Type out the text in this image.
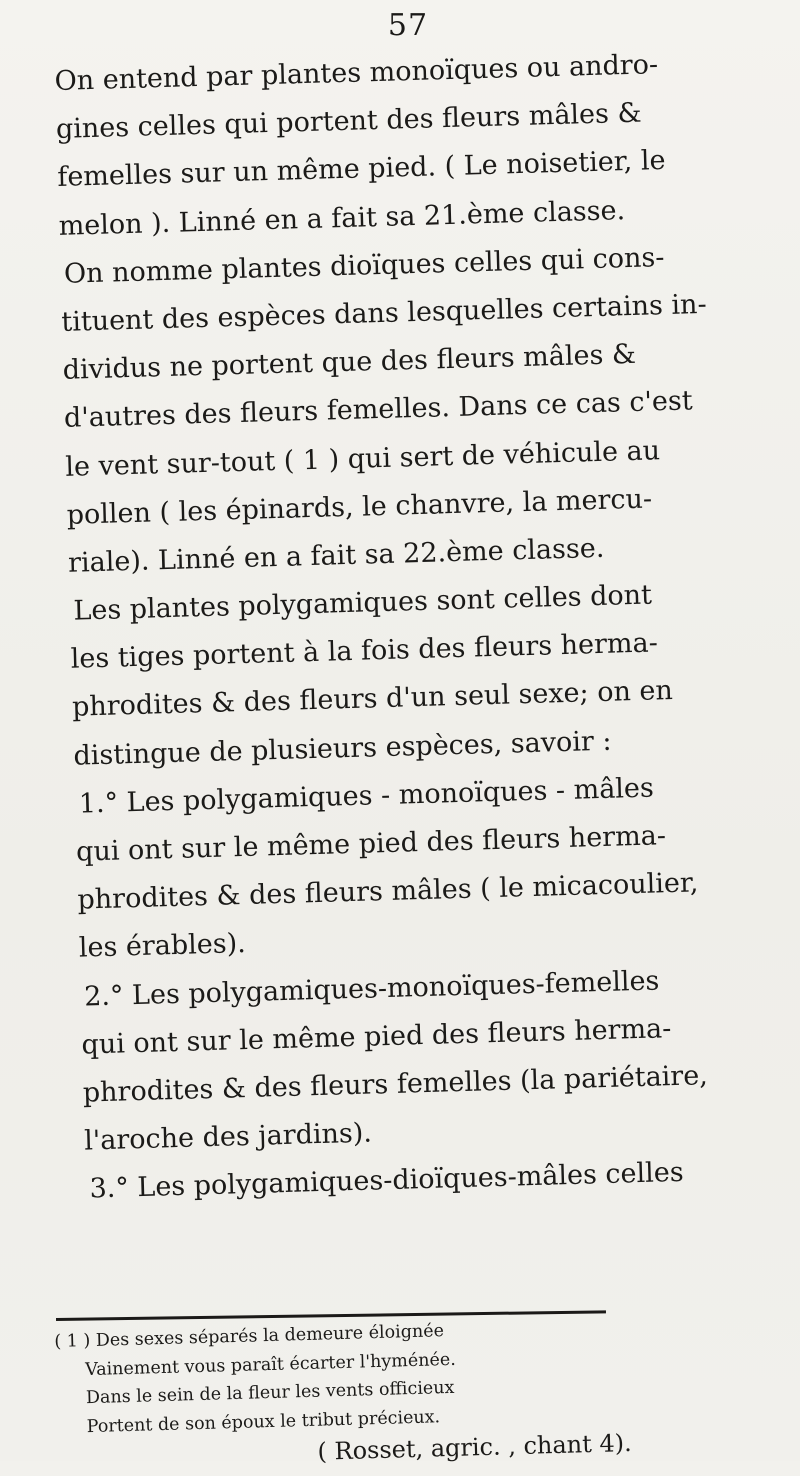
57
On entend par plantes monoïques ou andro-
gines celles qui portent des fleurs mâles &
femelles sur un même pied. ( Le noisetier, le
melon ). Linné en a fait sa 21.ème classe.
On nomme plantes dioïques celles qui cons-
tituent des espèces dans lesquelles certains in-
dividus ne portent que des fleurs mâles &
d'autres des fleurs femelles. Dans ce cas c'est
le vent sur-tout ( 1 ) qui sert de véhicule au
pollen ( les épinards, le chanvre, la mercu-
riale). Linné en a fait sa 22.ème classe.
Les plantes polygamiques sont celles dont
les tiges portent à la fois des fleurs herma-
phrodites & des fleurs d'un seul sexe; on en
distingue de plusieurs espèces, savoir :
1.° Les polygamiques - monoïques - mâles
qui ont sur le même pied des fleurs herma-
phrodites & des fleurs mâles ( le micacoulier,
les érables).
2.° Les polygamiques-monoïques-femelles
qui ont sur le même pied des fleurs herma-
phrodites & des fleurs femelles (la pariétaire,
l'aroche des jardins).
3.° Les polygamiques-dioïques-mâles celles
( 1 ) Des sexes séparés la demeure éloignée
Vainement vous paraît écarter l'hyménée.
Dans le sein de la fleur les vents officieux
Portent de son époux le tribut précieux.
( Rosset, agric. , chant 4).
